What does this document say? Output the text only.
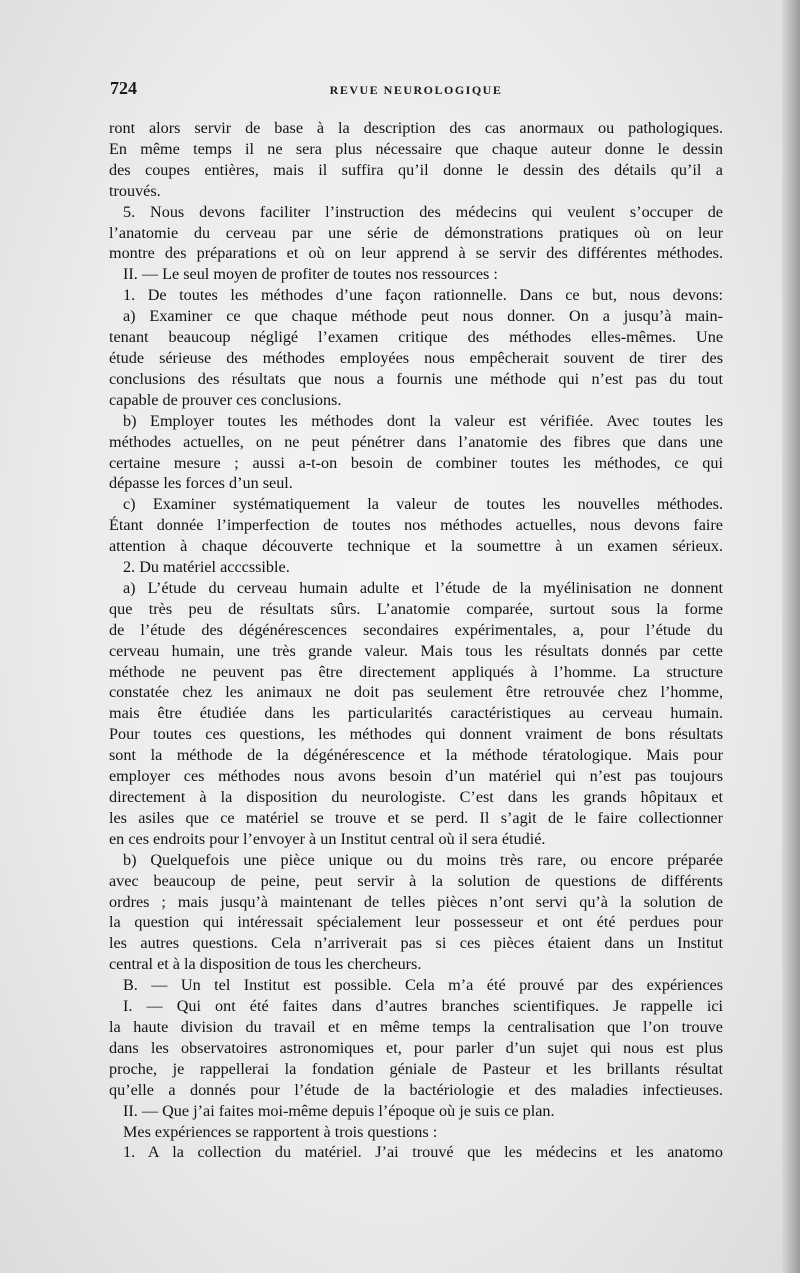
724	REVUE NEUROLOGIQUE
ront alors servir de base à la description des cas anormaux ou pathologiques.
En même temps il ne sera plus nécessaire que chaque auteur donne le dessin
des coupes entières, mais il suffira qu’il donne le dessin des détails qu’il a
trouvés.
5. Nous devons faciliter l’instruction des médecins qui veulent s’occuper de
l’anatomie du cerveau par une série de démonstrations pratiques où on leur
montre des préparations et où on leur apprend à se servir des différentes méthodes.
II. — Le seul moyen de profiter de toutes nos ressources :
1. De toutes les méthodes d’une façon rationnelle. Dans ce but, nous devons:
a) Examiner ce que chaque méthode peut nous donner. On a jusqu’à main-
tenant beaucoup négligé l’examen critique des méthodes elles-mêmes. Une
étude sérieuse des méthodes employées nous empêcherait souvent de tirer des
conclusions des résultats que nous a fournis une méthode qui n’est pas du tout
capable de prouver ces conclusions.
b) Employer toutes les méthodes dont la valeur est vérifiée. Avec toutes les
méthodes actuelles, on ne peut pénétrer dans l’anatomie des fibres que dans une
certaine mesure ; aussi a-t-on besoin de combiner toutes les méthodes, ce qui
dépasse les forces d’un seul.
c) Examiner systématiquement la valeur de toutes les nouvelles méthodes.
Étant donnée l’imperfection de toutes nos méthodes actuelles, nous devons faire
attention à chaque découverte technique et la soumettre à un examen sérieux.
2. Du matériel acccssible.
a) L’étude du cerveau humain adulte et l’étude de la myélinisation ne donnent
que très peu de résultats sûrs. L’anatomie comparée, surtout sous la forme
de l’étude des dégénérescences secondaires expérimentales, a, pour l’étude du
cerveau humain, une très grande valeur. Mais tous les résultats donnés par cette
méthode ne peuvent pas être directement appliqués à l’homme. La structure
constatée chez les animaux ne doit pas seulement être retrouvée chez l’homme,
mais être étudiée dans les particularités caractéristiques au cerveau humain.
Pour toutes ces questions, les méthodes qui donnent vraiment de bons résultats
sont la méthode de la dégénérescence et la méthode tératologique. Mais pour
employer ces méthodes nous avons besoin d’un matériel qui n’est pas toujours
directement à la disposition du neurologiste. C’est dans les grands hôpitaux et
les asiles que ce matériel se trouve et se perd. Il s’agit de le faire collectionner
en ces endroits pour l’envoyer à un Institut central où il sera étudié.
b) Quelquefois une pièce unique ou du moins très rare, ou encore préparée
avec beaucoup de peine, peut servir à la solution de questions de différents
ordres ; mais jusqu’à maintenant de telles pièces n’ont servi qu’à la solution de
la question qui intéressait spécialement leur possesseur et ont été perdues pour
les autres questions. Cela n’arriverait pas si ces pièces étaient dans un Institut
central et à la disposition de tous les chercheurs.
B. — Un tel Institut est possible. Cela m’a été prouvé par des expériences
I. — Qui ont été faites dans d’autres branches scientifiques. Je rappelle ici
la haute division du travail et en même temps la centralisation que l’on trouve
dans les observatoires astronomiques et, pour parler d’un sujet qui nous est plus
proche, je rappellerai la fondation géniale de Pasteur et les brillants résultat
qu’elle a donnés pour l’étude de la bactériologie et des maladies infectieuses.
II. — Que j’ai faites moi-même depuis l’époque où je suis ce plan.
Mes expériences se rapportent à trois questions :
1. A la collection du matériel. J’ai trouvé que les médecins et les anatomo
